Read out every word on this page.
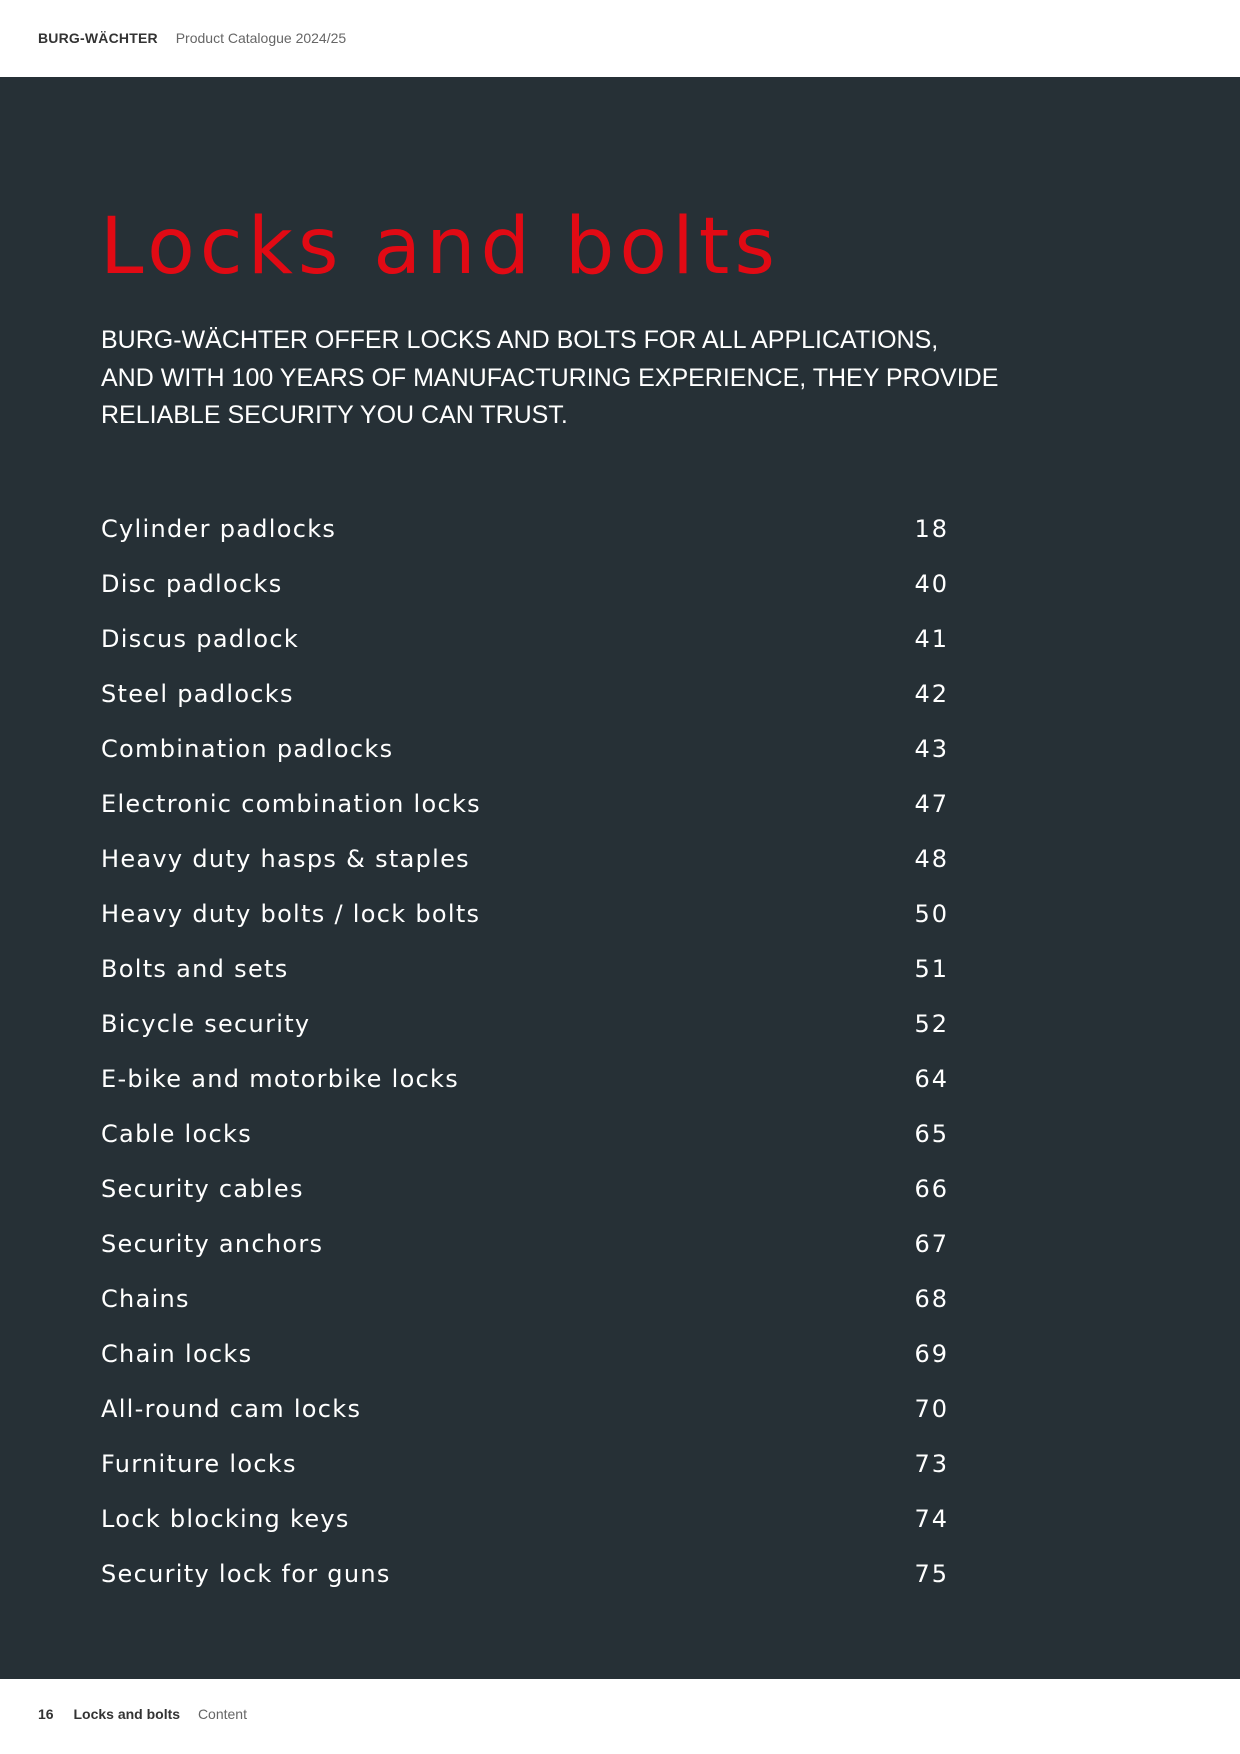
BURG-WÄCHTER Product Catalogue 2024/25
Locks and bolts

BURG-WÄCHTER OFFER LOCKS AND BOLTS FOR ALL APPLICATIONS,
AND WITH 100 YEARS OF MANUFACTURING EXPERIENCE, THEY PROVIDE
RELIABLE SECURITY YOU CAN TRUST.

Cylinder padlocks	18
Disc padlocks	40
Discus padlock	41
Steel padlocks	42
Combination padlocks	43
Electronic combination locks	47
Heavy duty hasps & staples	48
Heavy duty bolts / lock bolts	50
Bolts and sets	51
Bicycle security	52
E-bike and motorbike locks	64
Cable locks	65
Security cables	66
Security anchors	67
Chains	68
Chain locks	69
All-round cam locks	70
Furniture locks	73
Lock blocking keys	74
Security lock for guns	75
16 Locks and bolts Content
